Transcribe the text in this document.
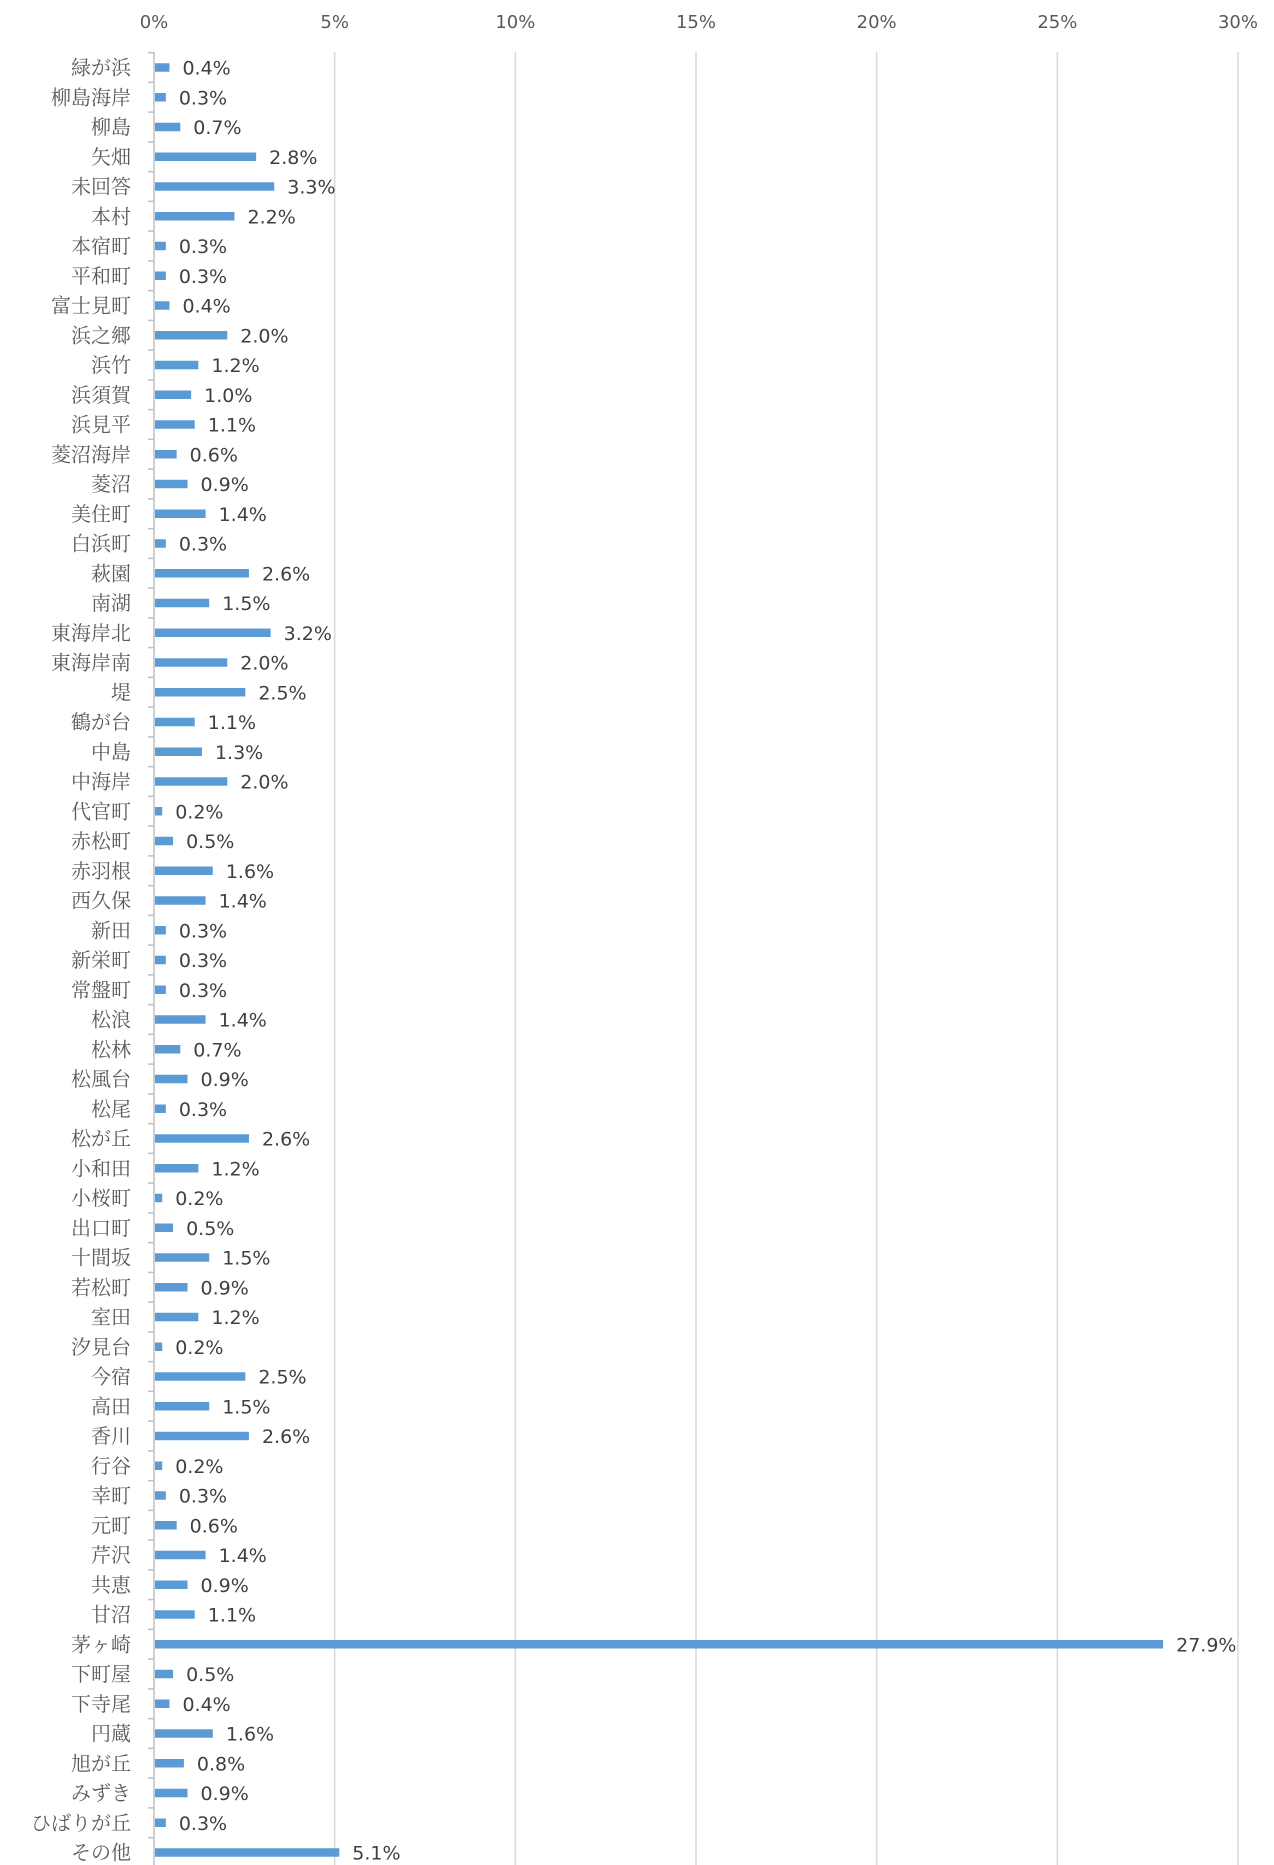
0%	5%	10%	15%	20%	25%	30%
緑が浜
柳島海岸
柳島
矢畑
未回答
本村
本宿町
平和町
富士見町
浜之郷
浜竹
浜須賀
浜見平
菱沼海岸
菱沼
美住町
白浜町
萩園
南湖
東海岸北
東海岸南
堤
鶴が台
中島
中海岸
代官町
赤松町
赤羽根
西久保
新田
新栄町
常盤町
松浪
松林
松風台
松尾
松が丘
小和田
小桜町
出口町
十間坂
若松町
室田
汐見台
今宿
高田
香川
行谷
幸町
元町
芹沢
共恵
甘沼
茅ヶ崎
下町屋
下寺尾
円蔵
旭が丘
みずき
ひばりが丘
その他
0.4%
0.3%
0.7%
2.8%
3.3%
2.2%
0.3%
0.3%
0.4%
2.0%
1.2%
1.0%
1.1%
0.6%
0.9%
1.4%
0.3%
2.6%
1.5%
3.2%
2.0%
2.5%
1.1%
1.3%
2.0%
0.2%
0.5%
1.6%
1.4%
0.3%
0.3%
0.3%
1.4%
0.7%
0.9%
0.3%
2.6%
1.2%
0.2%
0.5%
1.5%
0.9%
1.2%
0.2%
2.5%
1.5%
2.6%
0.2%
0.3%
0.6%
1.4%
0.9%
1.1%
27.9%
0.5%
0.4%
1.6%
0.8%
0.9%
0.3%
5.1%
